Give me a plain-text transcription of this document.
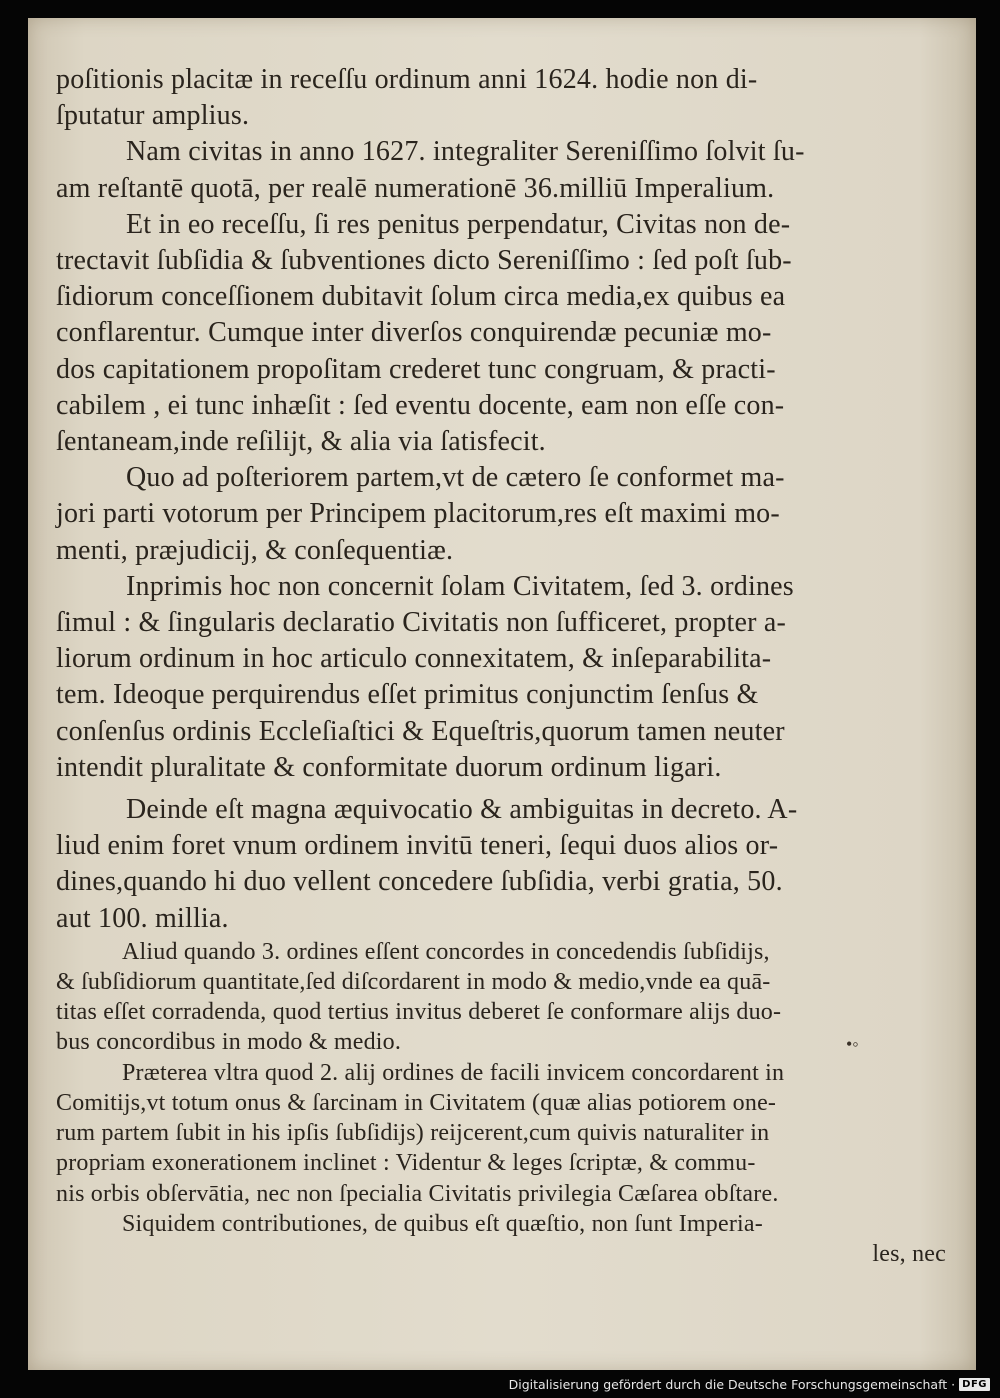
poſitionis placitæ in receſſu ordinum anni 1624. hodie non di-
ſputatur amplius.
Nam civitas in anno 1627. integraliter Sereniſſimo ſolvit ſu-
am reſtantē quotā, per realē numerationē 36.milliū Imperalium.
Et in eo receſſu, ſi res penitus perpendatur, Civitas non de-
trectavit ſubſidia & ſubventiones dicto Sereniſſimo : ſed poſt ſub-
ſidiorum conceſſionem dubitavit ſolum circa media,ex quibus ea
conflarentur. Cumque inter diverſos conquirendæ pecuniæ mo-
dos capitationem propoſitam crederet tunc congruam, & practi-
cabilem , ei tunc inhæſit : ſed eventu docente, eam non eſſe con-
ſentaneam,inde reſilijt, & alia via ſatisfecit.
Quo ad poſteriorem partem,vt de cætero ſe conformet ma-
jori parti votorum per Principem placitorum,res eſt maximi mo-
menti, præjudicij, & conſequentiæ.
Inprimis hoc non concernit ſolam Civitatem, ſed 3. ordines
ſimul : & ſingularis declaratio Civitatis non ſufficeret, propter a-
liorum ordinum in hoc articulo connexitatem, & inſeparabilita-
tem. Ideoque perquirendus eſſet primitus conjunctim ſenſus &
conſenſus ordinis Eccleſiaſtici & Equeſtris,quorum tamen neuter
intendit pluralitate & conformitate duorum ordinum ligari.
Deinde eſt magna æquivocatio & ambiguitas in decreto. A-
liud enim foret vnum ordinem invitū teneri, ſequi duos alios or-
dines,quando hi duo vellent concedere ſubſidia, verbi gratia, 50.
aut 100. millia.
Aliud quando 3. ordines eſſent concordes in concedendis ſubſidijs,
& ſubſidiorum quantitate,ſed diſcordarent in modo & medio,vnde ea quā-
titas eſſet corradenda, quod tertius invitus deberet ſe conformare alijs duo-
bus concordibus in modo & medio.
Præterea vltra quod 2. alij ordines de facili invicem concordarent in
Comitijs,vt totum onus & ſarcinam in Civitatem (quæ alias potiorem one-
rum partem ſubit in his ipſis ſubſidijs) reijcerent,cum quivis naturaliter in
propriam exonerationem inclinet : Videntur & leges ſcriptæ, & commu-
nis orbis obſervātia, nec non ſpecialia Civitatis privilegia Cæſarea obſtare.
Siquidem contributiones, de quibus eſt quæſtio, non ſunt Imperia-
les, nec
•◦
Digitalisierung gefördert durch die Deutsche Forschungsgemeinschaft · DFG
